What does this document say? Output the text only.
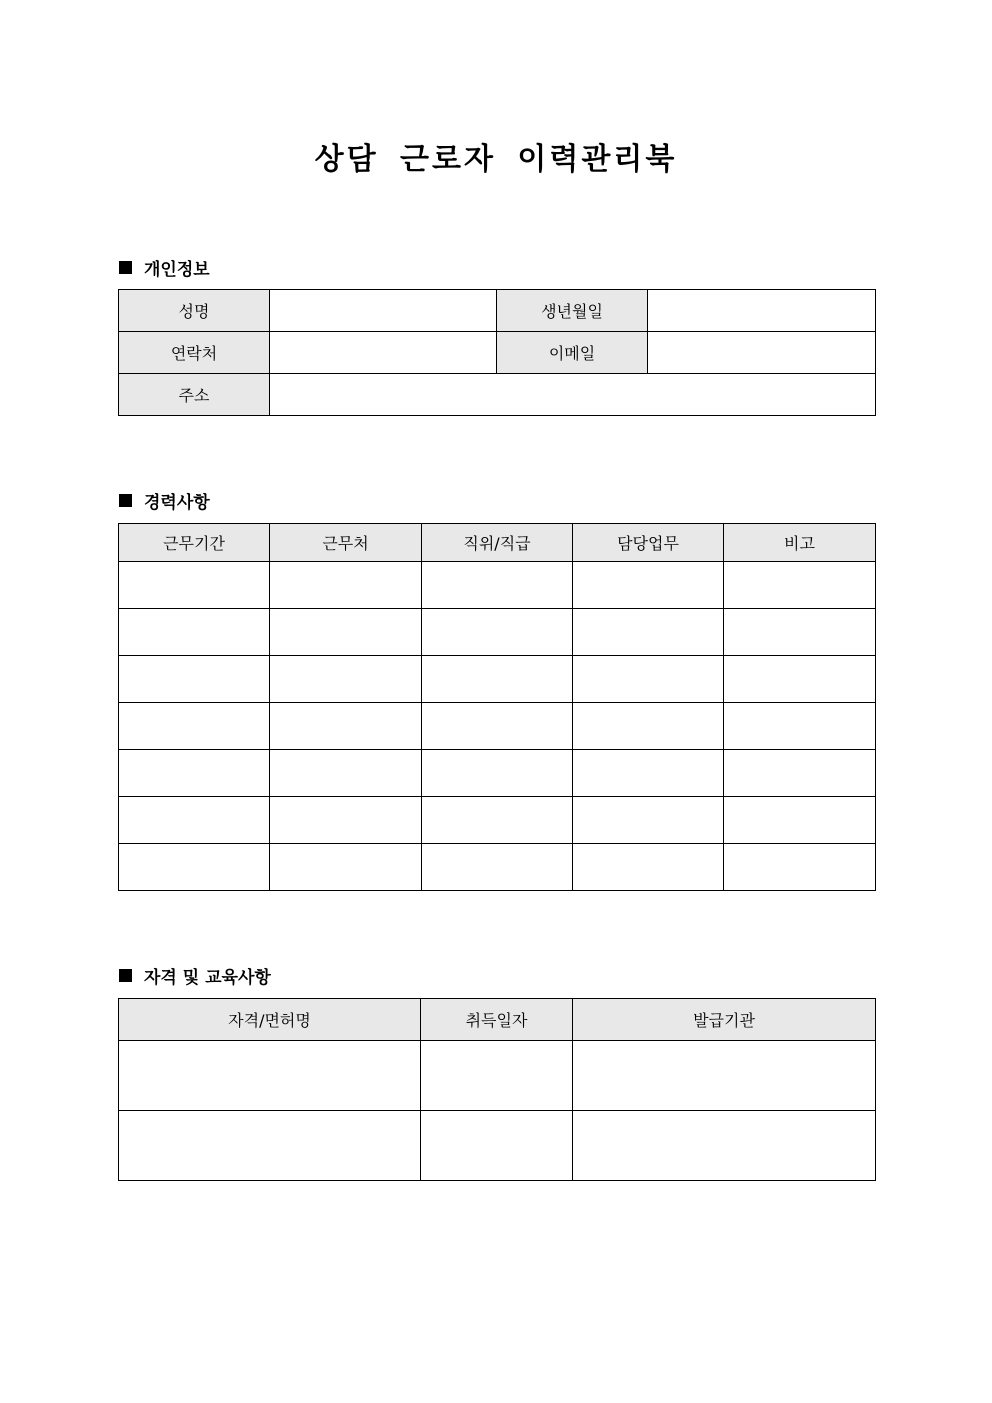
상담 근로자 이력관리북
개인정보
성명		생년월일	
연락처		이메일	
주소			
경력사항
근무기간	근무처	직위/직급	담당업무	비고

자격 및 교육사항
자격/면허명	취득일자	발급기관
